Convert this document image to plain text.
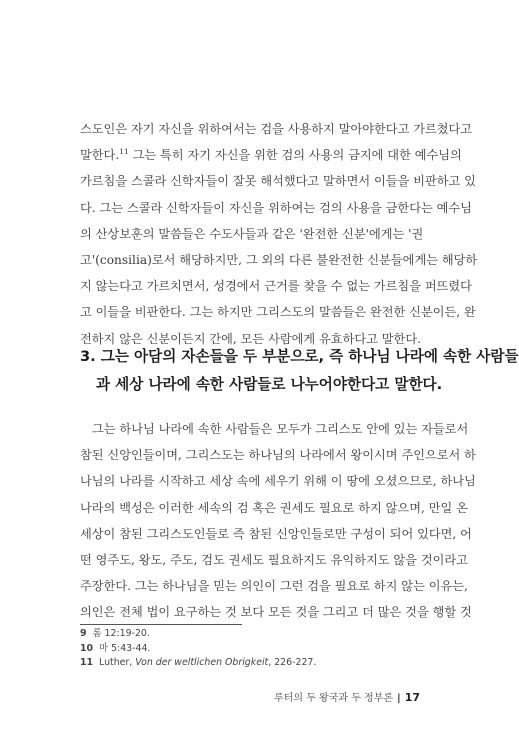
스도인은 자기 자신을 위하여서는 검을 사용하지 말아야한다고 가르쳤다고
말한다.$^{11}$ 그는 특히 자기 자신을 위한 검의 사용의 금지에 대한 예수님의
가르침을 스콜라 신학자들이 잘못 해석했다고 말하면서 이들을 비판하고 있
다. 그는 스콜라 신학자들이 자신을 위하여는 검의 사용을 금한다는 예수님
의 산상보훈의 말씀들은 수도사들과 같은 '완전한 신분'에게는 '권
고'(consilia)로서 해당하지만, 그 외의 다른 불완전한 신분들에게는 해당하
지 않는다고 가르치면서, 성경에서 근거를 찾을 수 없는 가르침을 퍼뜨렸다
고 이들을 비판한다. 그는 하지만 그리스도의 말씀들은 완전한 신분이든, 완
전하지 않은 신분이든지 간에, 모든 사람에게 유효하다고 말한다.
3. 그는 아담의 자손들을 두 부분으로, 즉 하나님 나라에 속한 사람들
과 세상 나라에 속한 사람들로 나누어야한다고 말한다.
그는 하나님 나라에 속한 사람들은 모두가 그리스도 안에 있는 자들로서
참된 신앙인들이며, 그리스도는 하나님의 나라에서 왕이시며 주인으로서 하
나님의 나라를 시작하고 세상 속에 세우기 위해 이 땅에 오셨으므로, 하나님
나라의 백성은 이러한 세속의 검 혹은 권세도 필요로 하지 않으며, 만일 온
세상이 참된 그리스도인들로 즉 참된 신앙인들로만 구성이 되어 있다면, 어
떤 영주도, 왕도, 주도, 검도 권세도 필요하지도 유익하지도 않을 것이라고
주장한다. 그는 하나님을 믿는 의인이 그런 검을 필요로 하지 않는 이유는,
의인은 전체 법이 요구하는 것 보다 모든 것을 그리고 더 많은 것을 행할 것
9 롬 12:19-20.
10 마 5:43-44.
11 Luther, Von der weltlichen Obrigkeit, 226-227.
루터의 두 왕국과 두 정부론 | 17
